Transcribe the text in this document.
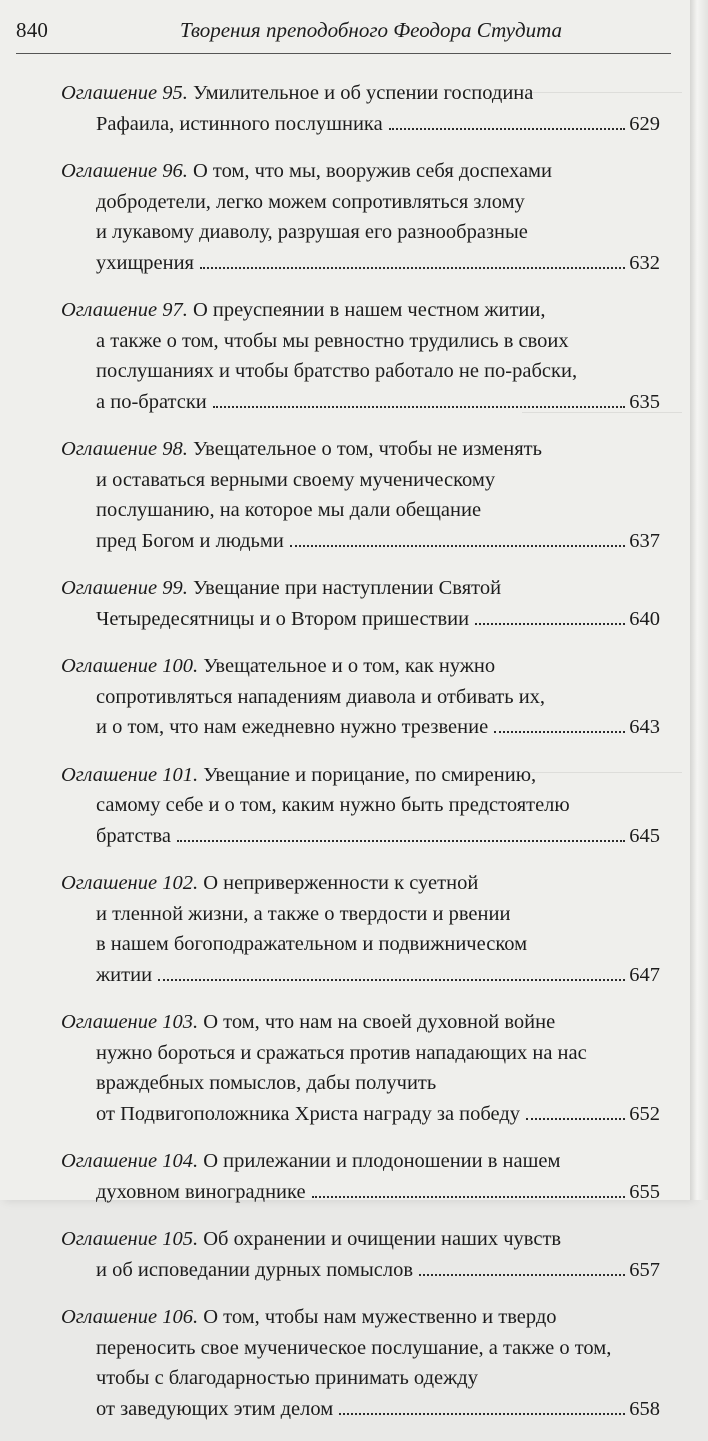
840	Творения преподобного Феодора Студита
Оглашение 95. Умилительное и об успении господина
Рафаила, истинного послушника	629
Оглашение 96. О том, что мы, вооружив себя доспехами
добродетели, легко можем сопротивляться злому
и лукавому диаволу, разрушая его разнообразные
ухищрения	632
Оглашение 97. О преуспеянии в нашем честном житии,
а также о том, чтобы мы ревностно трудились в своих
послушаниях и чтобы братство работало не по-рабски,
а по-братски	635
Оглашение 98. Увещательное о том, чтобы не изменять
и оставаться верными своему мученическому
послушанию, на которое мы дали обещание
пред Богом и людьми	637
Оглашение 99. Увещание при наступлении Святой
Четыредесятницы и о Втором пришествии	640
Оглашение 100. Увещательное и о том, как нужно
сопротивляться нападениям диавола и отбивать их,
и о том, что нам ежедневно нужно трезвение	643
Оглашение 101. Увещание и порицание, по смирению,
самому себе и о том, каким нужно быть предстоятелю
братства	645
Оглашение 102. О неприверженности к суетной
и тленной жизни, а также о твердости и рвении
в нашем богоподражательном и подвижническом
житии	647
Оглашение 103. О том, что нам на своей духовной войне
нужно бороться и сражаться против нападающих на нас
враждебных помыслов, дабы получить
от Подвигоположника Христа награду за победу	652
Оглашение 104. О прилежании и плодоношении в нашем
духовном винограднике	655
Оглашение 105. Об охранении и очищении наших чувств
и об исповедании дурных помыслов	657
Оглашение 106. О том, чтобы нам мужественно и твердо
переносить свое мученическое послушание, а также о том,
чтобы с благодарностью принимать одежду
от заведующих этим делом	658
